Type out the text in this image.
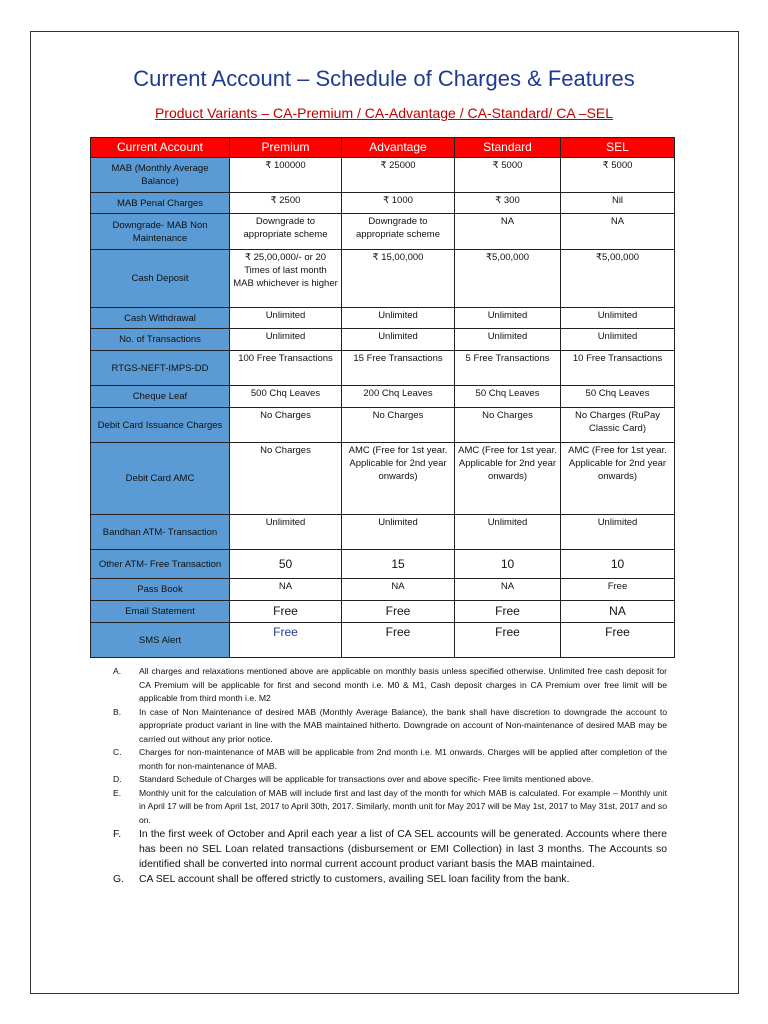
Current Account – Schedule of Charges & Features
Product Variants – CA-Premium / CA-Advantage / CA-Standard/ CA –SEL
Current Account	Premium	Advantage	Standard	SEL
MAB (Monthly Average Balance)	₹ 100000	₹ 25000	₹ 5000	₹ 5000
MAB Penal Charges	₹ 2500	₹ 1000	₹ 300	Nil
Downgrade- MAB Non Maintenance	Downgrade to appropriate scheme	Downgrade to appropriate scheme	NA	NA
Cash Deposit	₹ 25,00,000/- or 20 Times of last month MAB whichever is higher	₹ 15,00,000	₹5,00,000	₹5,00,000
Cash Withdrawal	Unlimited	Unlimited	Unlimited	Unlimited
No. of Transactions	Unlimited	Unlimited	Unlimited	Unlimited
RTGS-NEFT-IMPS-DD	100 Free Transactions	15 Free Transactions	5 Free Transactions	10 Free Transactions
Cheque Leaf	500 Chq Leaves	200 Chq Leaves	50 Chq Leaves	50 Chq Leaves
Debit Card Issuance Charges	No Charges	No Charges	No Charges	No Charges (RuPay Classic Card)
Debit Card AMC	No Charges	AMC (Free for 1st year. Applicable for 2nd year onwards)	AMC (Free for 1st year. Applicable for 2nd year onwards)	AMC (Free for 1st year. Applicable for 2nd year onwards)
Bandhan ATM- Transaction	Unlimited	Unlimited	Unlimited	Unlimited
Other ATM- Free Transaction	50	15	10	10
Pass Book	NA	NA	NA	Free
Email Statement	Free	Free	Free	NA
SMS Alert	Free	Free	Free	Free
A. All charges and relaxations mentioned above are applicable on monthly basis unless specified otherwise. Unlimited free cash deposit for CA Premium will be applicable for first and second month i.e. M0 & M1, Cash deposit charges in CA Premium over free limit will be applicable from third month i.e. M2
B. In case of Non Maintenance of desired MAB (Monthly Average Balance), the bank shall have discretion to downgrade the account to appropriate product variant in line with the MAB maintained hitherto. Downgrade on account of Non-maintenance of desired MAB may be carried out without any prior notice.
C. Charges for non-maintenance of MAB will be applicable from 2nd month i.e. M1 onwards. Charges will be applied after completion of the month for non-maintenance of MAB.
D. Standard Schedule of Charges will be applicable for transactions over and above specific- Free limits mentioned above.
E. Monthly unit for the calculation of MAB will include first and last day of the month for which MAB is calculated. For example – Monthly unit in April 17 will be from April 1st, 2017 to April 30th, 2017. Similarly, month unit for May 2017 will be May 1st, 2017 to May 31st, 2017 and so on.
F. In the first week of October and April each year a list of CA SEL accounts will be generated. Accounts where there has been no SEL Loan related transactions (disbursement or EMI Collection) in last 3 months. The Accounts so identified shall be converted into normal current account product variant basis the MAB maintained.
G. CA SEL account shall be offered strictly to customers, availing SEL loan facility from the bank.
